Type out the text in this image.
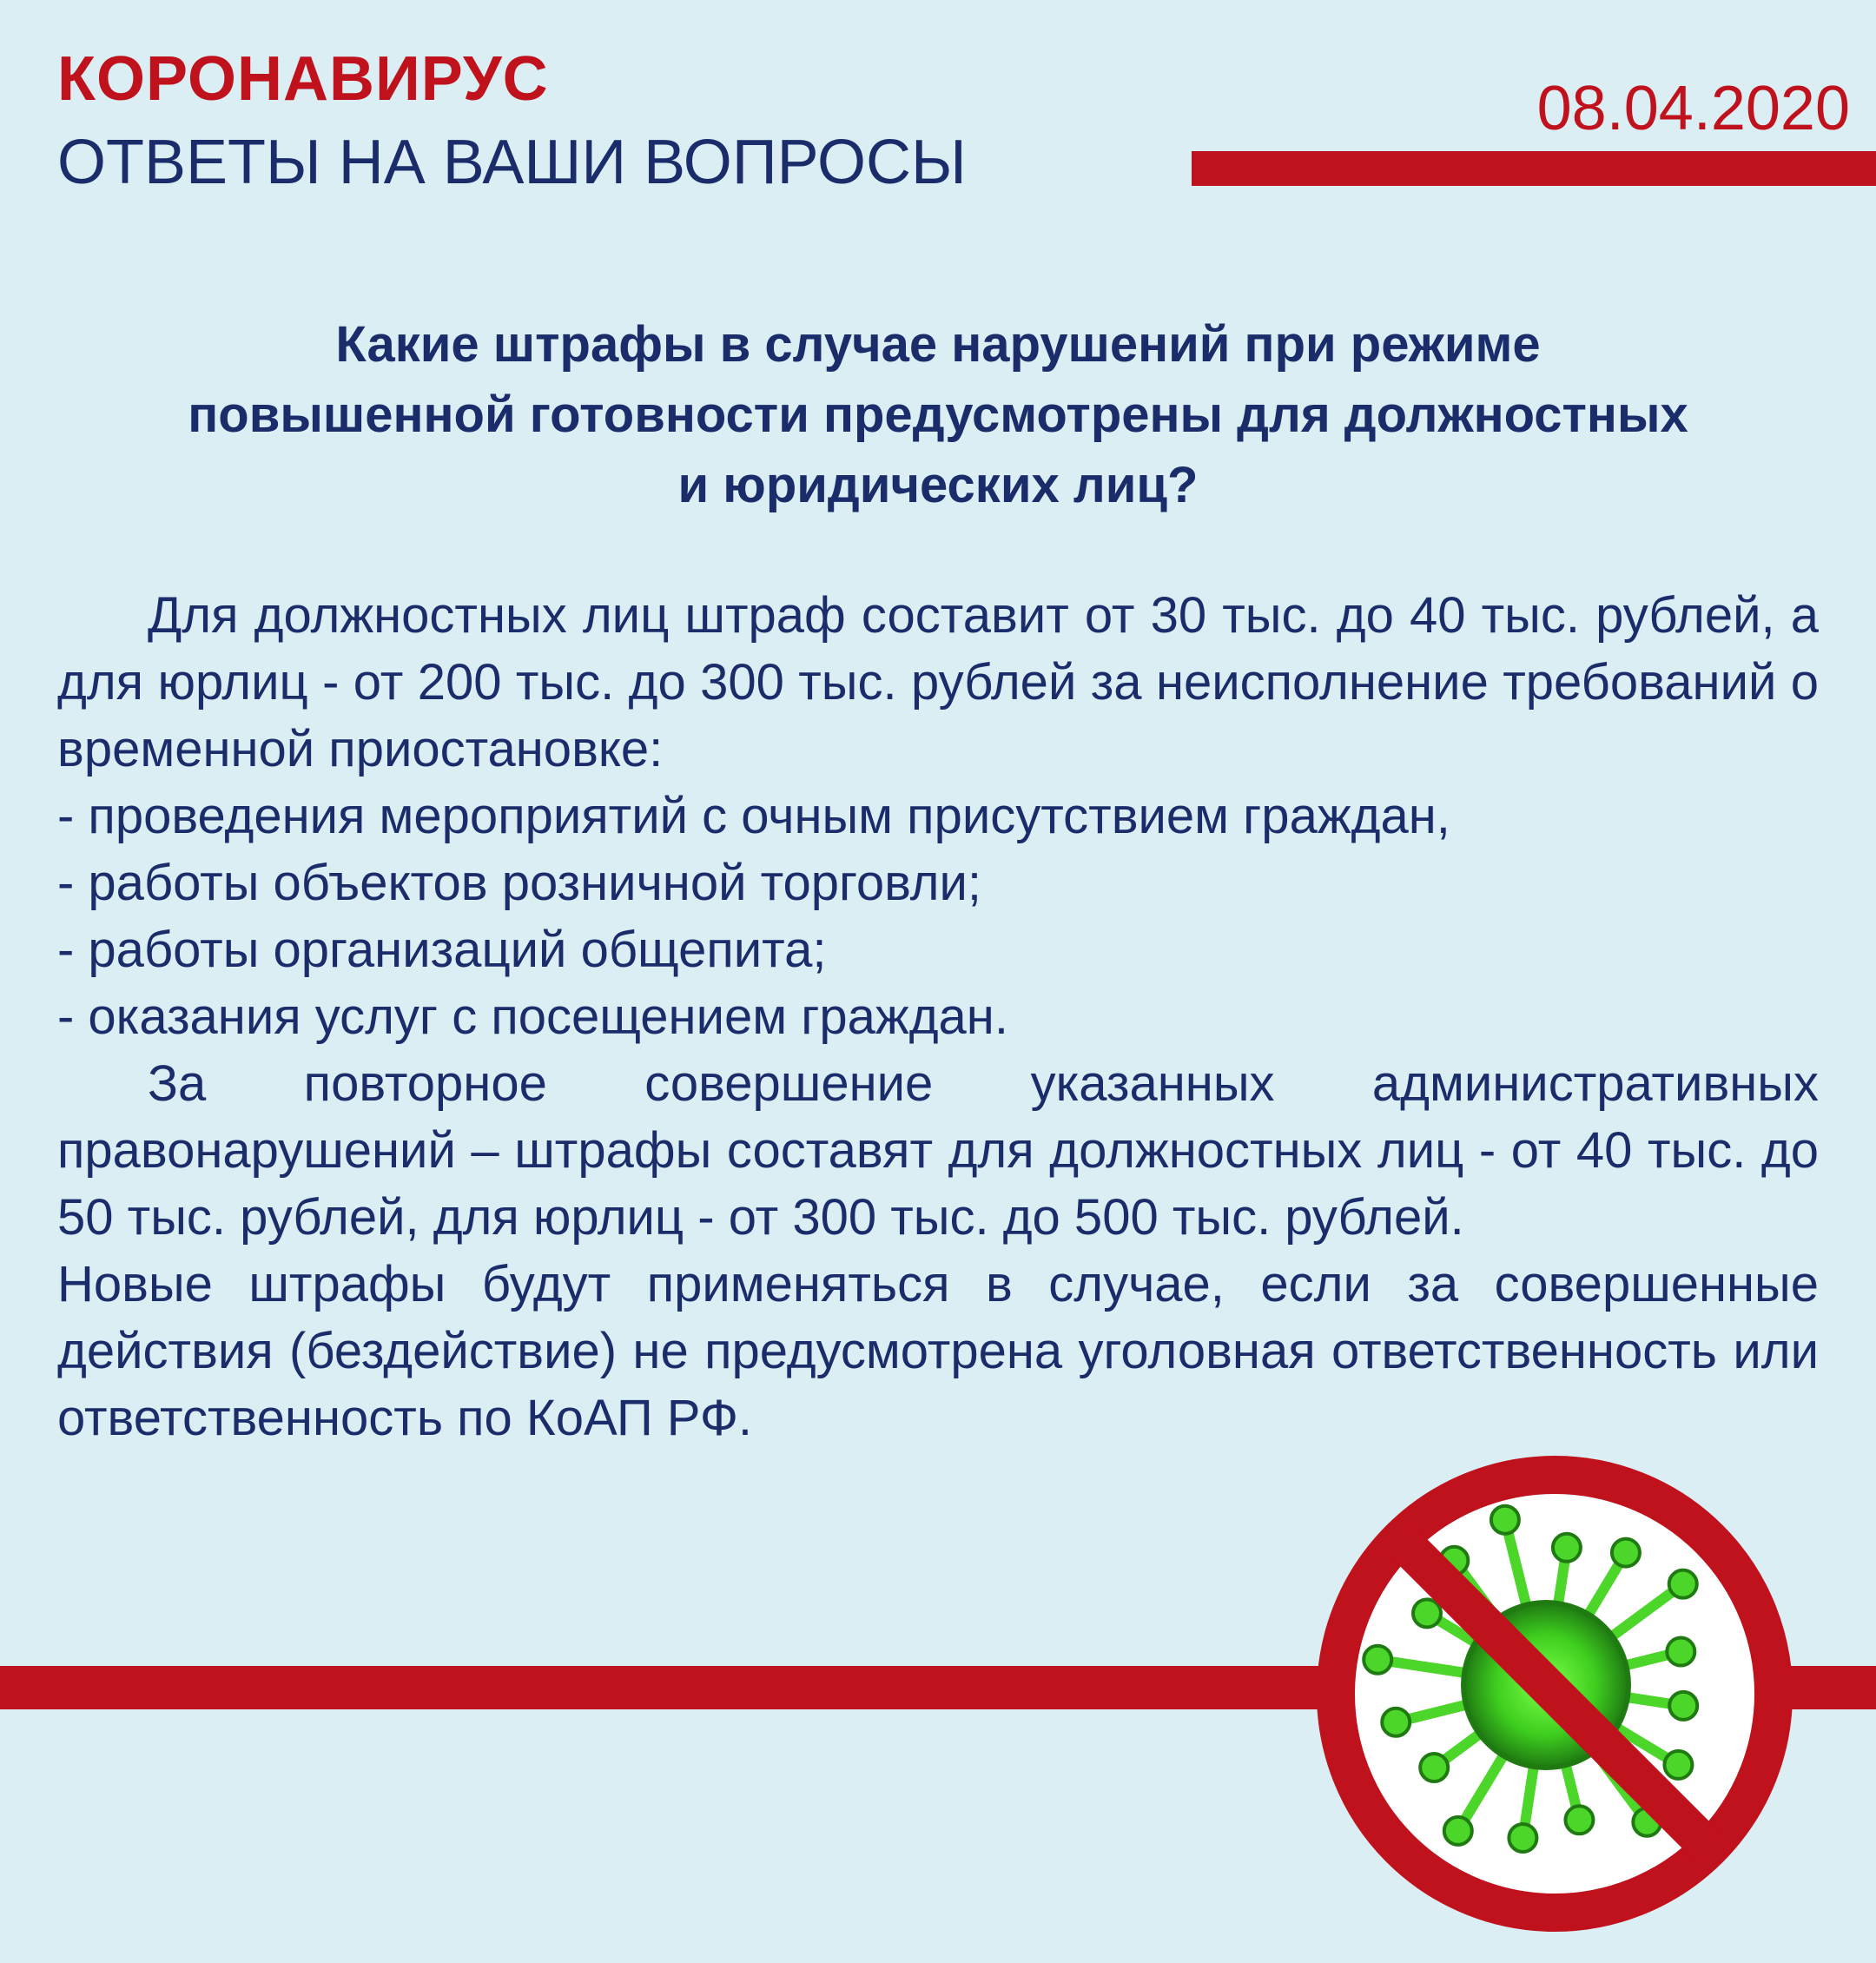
КОРОНАВИРУС
ОТВЕТЫ НА ВАШИ ВОПРОСЫ
08.04.2020
Какие штрафы в случае нарушений при режиме
повышенной готовности предусмотрены для должностных
и юридических лиц?

Для должностных лиц штраф составит от 30 тыс. до 40 тыс. рублей, а для юрлиц - от 200 тыс. до 300 тыс. рублей за неисполнение требований о временной приостановке:

- проведения мероприятий с очным присутствием граждан,

- работы объектов розничной торговли;

- работы организаций общепита;

- оказания услуг с посещением граждан.

За повторное совершение указанных административных правонарушений – штрафы составят для должностных лиц - от 40 тыс. до 50 тыс. рублей, для юрлиц - от 300 тыс. до 500 тыс. рублей.

Новые штрафы будут применяться в случае, если за совершенные действия (бездействие) не предусмотрена уголовная ответственность или ответственность по КоАП РФ.
